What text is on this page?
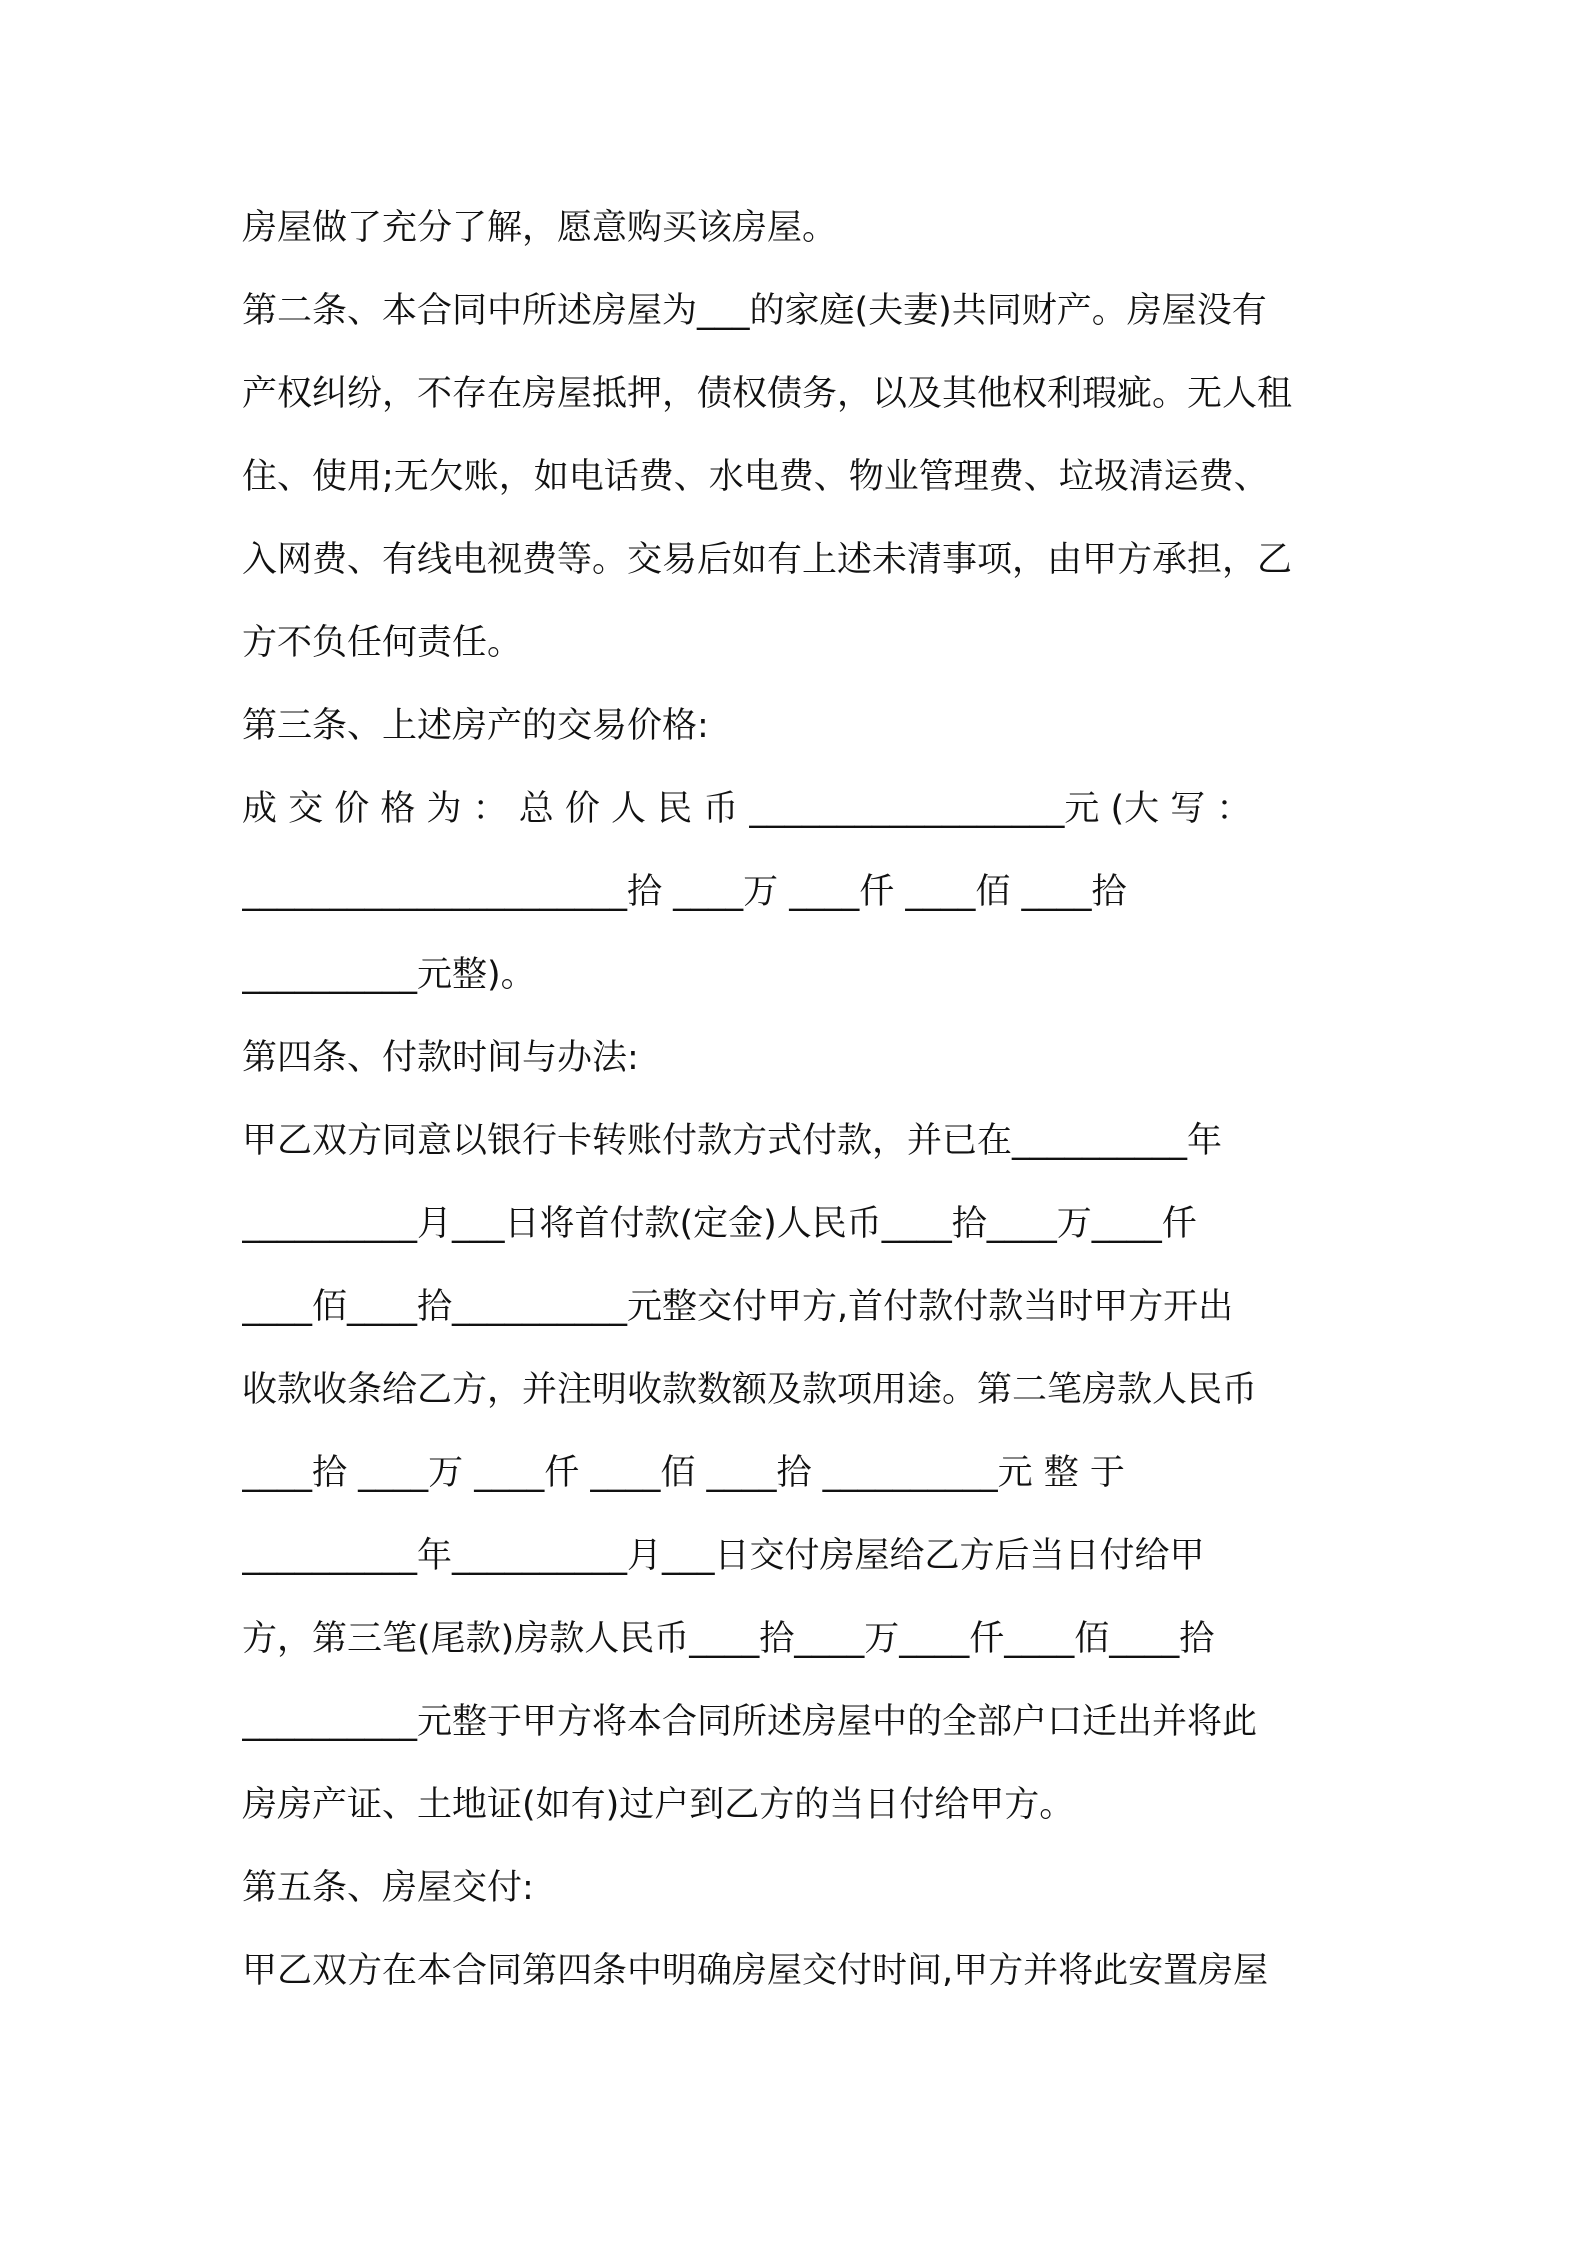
房屋做了充分了解，愿意购买该房屋。
第二条、本合同中所述房屋为___的家庭(夫妻)共同财产。房屋没有
产权纠纷，不存在房屋抵押，债权债务，以及其他权利瑕疵。无人租
住、使用;无欠账，如电话费、水电费、物业管理费、垃圾清运费、
入网费、有线电视费等。交易后如有上述未清事项，由甲方承担，乙
方不负任何责任。
第三条、上述房产的交易价格:
成 交 价 格 为 ： 总 价 人 民 币 __________________元 (大 写 ：
______________________拾 ____万 ____仟 ____佰 ____拾
__________元整)。
第四条、付款时间与办法:
甲乙双方同意以银行卡转账付款方式付款，并已在__________年
__________月___日将首付款(定金)人民币____拾____万____仟
____佰____拾__________元整交付甲方,首付款付款当时甲方开出
收款收条给乙方，并注明收款数额及款项用途。第二笔房款人民币
____拾 ____万 ____仟 ____佰 ____拾 __________元 整 于
__________年__________月___日交付房屋给乙方后当日付给甲
方，第三笔(尾款)房款人民币____拾____万____仟____佰____拾
__________元整于甲方将本合同所述房屋中的全部户口迁出并将此
房房产证、土地证(如有)过户到乙方的当日付给甲方。
第五条、房屋交付:
甲乙双方在本合同第四条中明确房屋交付时间,甲方并将此安置房屋
